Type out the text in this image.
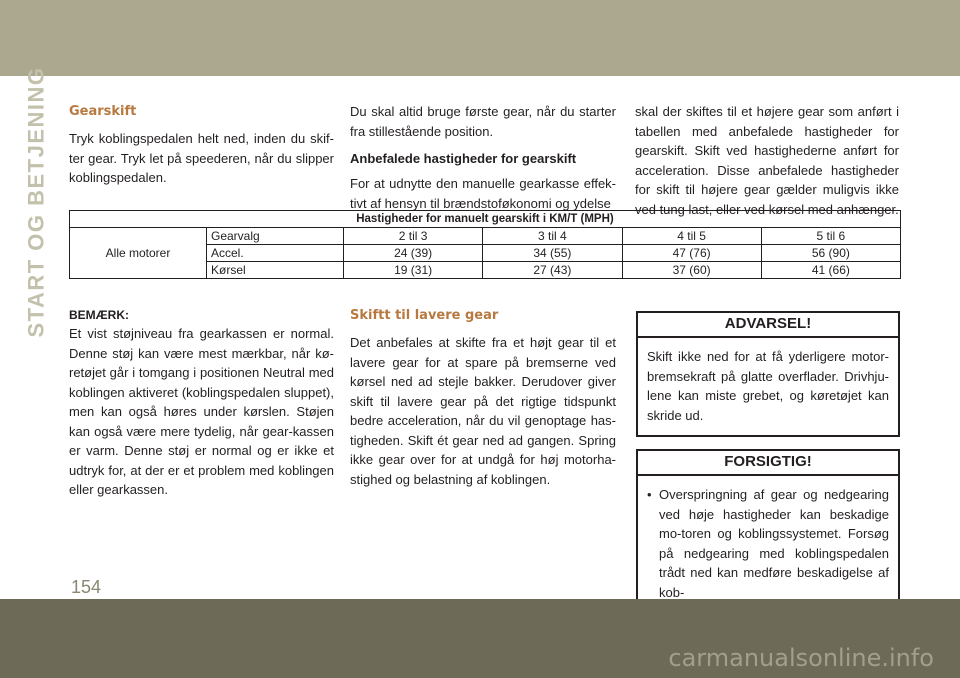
START OG BETJENING Gearskift

Tryk koblingspedalen helt ned, inden du skif-ter gear. Tryk let på speederen, når du slipper koblingspedalen.

Du skal altid bruge første gear, når du starter fra stillestående position.

Anbefalede hastigheder for gearskift

For at udnytte den manuelle gearkasse effek-tivt af hensyn til brændstoføkonomi og ydelse

skal der skiftes til et højere gear som anført i tabellen med anbefalede hastigheder for gearskift. Skift ved hastighederne anført for acceleration. Disse anbefalede hastigheder for skift til højere gear gælder muligvis ikke ved tung last, eller ved kørsel med anhænger.

Hastigheder for manuelt gearskift i KM/T (MPH)					
Alle motorer	Gearvalg	2 til 3	3 til 4	4 til 5	5 til 6
	Accel.	24 (39)	34 (55)	47 (76)	56 (90)
	Kørsel	19 (31)	27 (43)	37 (60)	41 (66)
BEMÆRK:

Et vist støjniveau fra gearkassen er normal. Denne støj kan være mest mærkbar, når kø-retøjet går i tomgang i positionen Neutral med koblingen aktiveret (koblingspedalen sluppet), men kan også høres under kørslen. Støjen kan også være mere tydelig, når gear-kassen er varm. Denne støj er normal og er ikke et udtryk for, at der er et problem med koblingen eller gearkassen.

Skiftt til lavere gear

Det anbefales at skifte fra et højt gear til et lavere gear for at spare på bremserne ved kørsel ned ad stejle bakker. Derudover giver skift til lavere gear på det rigtige tidspunkt bedre acceleration, når du vil genoptage has-tigheden. Skift ét gear ned ad gangen. Spring ikke gear over for at undgå for høj motorha-stighed og belastning af koblingen.

ADVARSEL!

Skift ikke ned for at få yderligere motor-bremsekraft på glatte overflader. Drivhju-lene kan miste grebet, og køretøjet kan skride ud.

FORSIGTIG!
• Overspringning af gear og nedgearing ved høje hastigheder kan beskadige mo-toren og koblingssystemet. Forsøg på nedgearing med koblingspedalen trådt ned kan medføre beskadigelse af kob-

154
carmanualsonline.info
